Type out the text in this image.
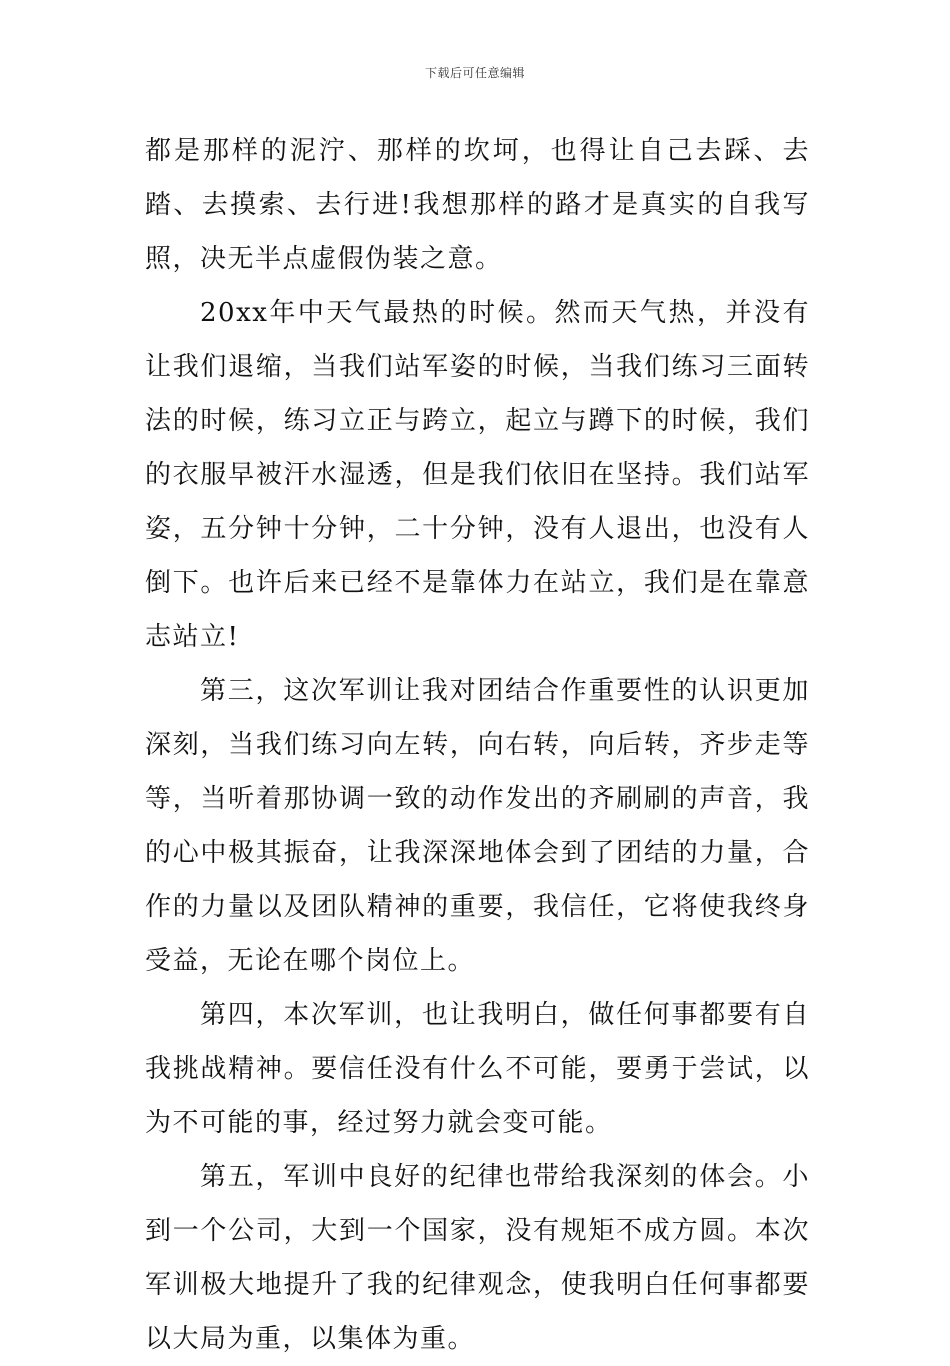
下载后可任意编辑

都是那样的泥泞、那样的坎坷，也得让自己去踩、去踏、去摸索、去行进!我想那样的路才是真实的自我写照，决无半点虚假伪装之意。

20xx年中天气最热的时候。然而天气热，并没有让我们退缩，当我们站军姿的时候，当我们练习三面转法的时候，练习立正与跨立，起立与蹲下的时候，我们的衣服早被汗水湿透，但是我们依旧在坚持。我们站军姿，五分钟十分钟，二十分钟，没有人退出，也没有人倒下。也许后来已经不是靠体力在站立，我们是在靠意志站立!

第三，这次军训让我对团结合作重要性的认识更加深刻，当我们练习向左转，向右转，向后转，齐步走等等，当听着那协调一致的动作发出的齐刷刷的声音，我的心中极其振奋，让我深深地体会到了团结的力量，合作的力量以及团队精神的重要，我信任，它将使我终身受益，无论在哪个岗位上。

第四，本次军训，也让我明白，做任何事都要有自我挑战精神。要信任没有什么不可能，要勇于尝试，以为不可能的事，经过努力就会变可能。

第五，军训中良好的纪律也带给我深刻的体会。小到一个公司，大到一个国家，没有规矩不成方圆。本次军训极大地提升了我的纪律观念，使我明白任何事都要以大局为重，以集体为重。
